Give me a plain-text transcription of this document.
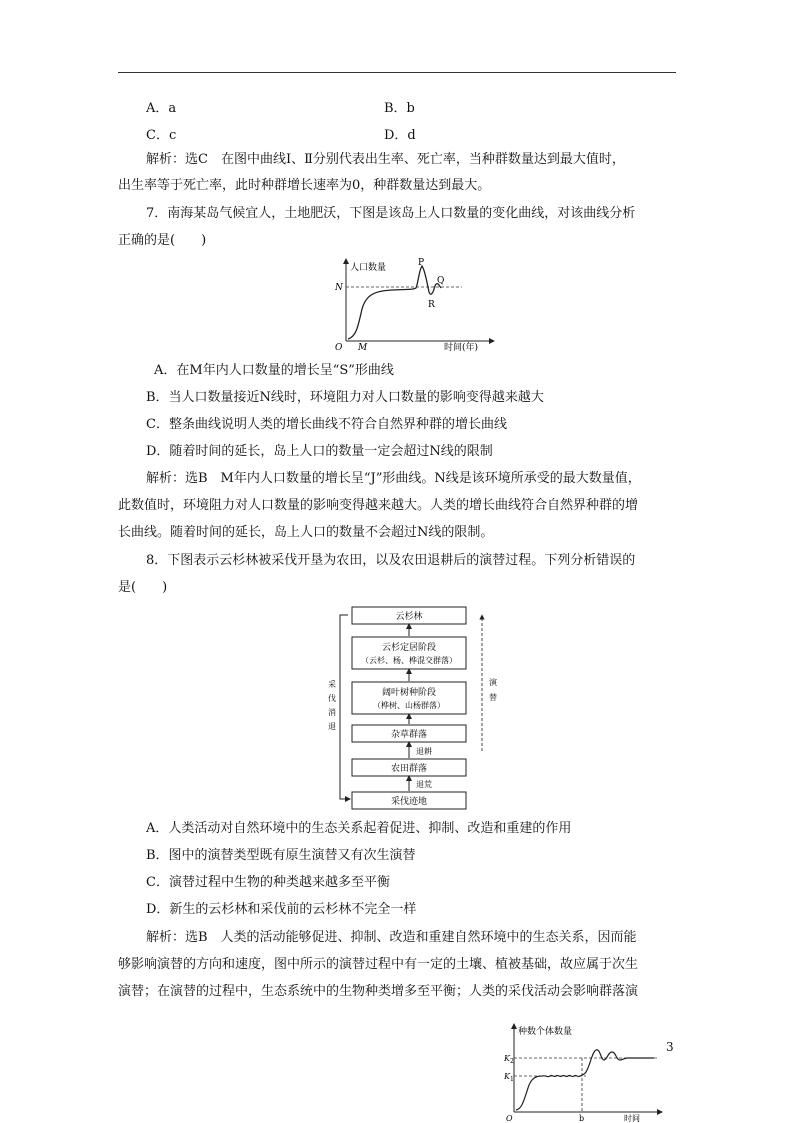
A．a	B．b
C．c	D．d
解析：选C　在图中曲线Ⅰ、Ⅱ分别代表出生率、死亡率，当种群数量达到最大值时，
出生率等于死亡率，此时种群增长速率为0，种群数量达到最大。
7．南海某岛气候宜人，土地肥沃，下图是该岛上人口数量的变化曲线，对该曲线分析
正确的是(　　)
人口数量
N
O M
P
Q
R
时间(年)
A．在M年内人口数量的增长呈“S”形曲线
B．当人口数量接近N线时，环境阻力对人口数量的影响变得越来越大
C．整条曲线说明人类的增长曲线不符合自然界种群的增长曲线
D．随着时间的延长，岛上人口的数量一定会超过N线的限制
解析：选B　M年内人口数量的增长呈“J”形曲线。N线是该环境所承受的最大数量值，
此数值时，环境阻力对人口数量的影响变得越来越大。人类的增长曲线符合自然界种群的增
长曲线。随着时间的延长，岛上人口的数量不会超过N线的限制。
8．下图表示云杉林被采伐开垦为农田，以及农田退耕后的演替过程。下列分析错误的
是(　　)
云杉林
云杉定居阶段
（云杉、杨、桦混交群落）
阔叶树种阶段
（桦树、山杨群落）
杂草群落
退耕
农田群落
退荒
采伐迹地
采
伐
消
退
演
替
A．人类活动对自然环境中的生态关系起着促进、抑制、改造和重建的作用
B．图中的演替类型既有原生演替又有次生演替
C．演替过程中生物的种类越来越多至平衡
D．新生的云杉林和采伐前的云杉林不完全一样
解析：选B　人类的活动能够促进、抑制、改造和重建自然环境中的生态关系，因而能
够影响演替的方向和速度，图中所示的演替过程中有一定的土壤、植被基础，故应属于次生
演替；在演替的过程中，生态系统中的生物种类增多至平衡；人类的采伐活动会影响群落演
种数个体数量
K 2
K 1
O	b	时间
3
